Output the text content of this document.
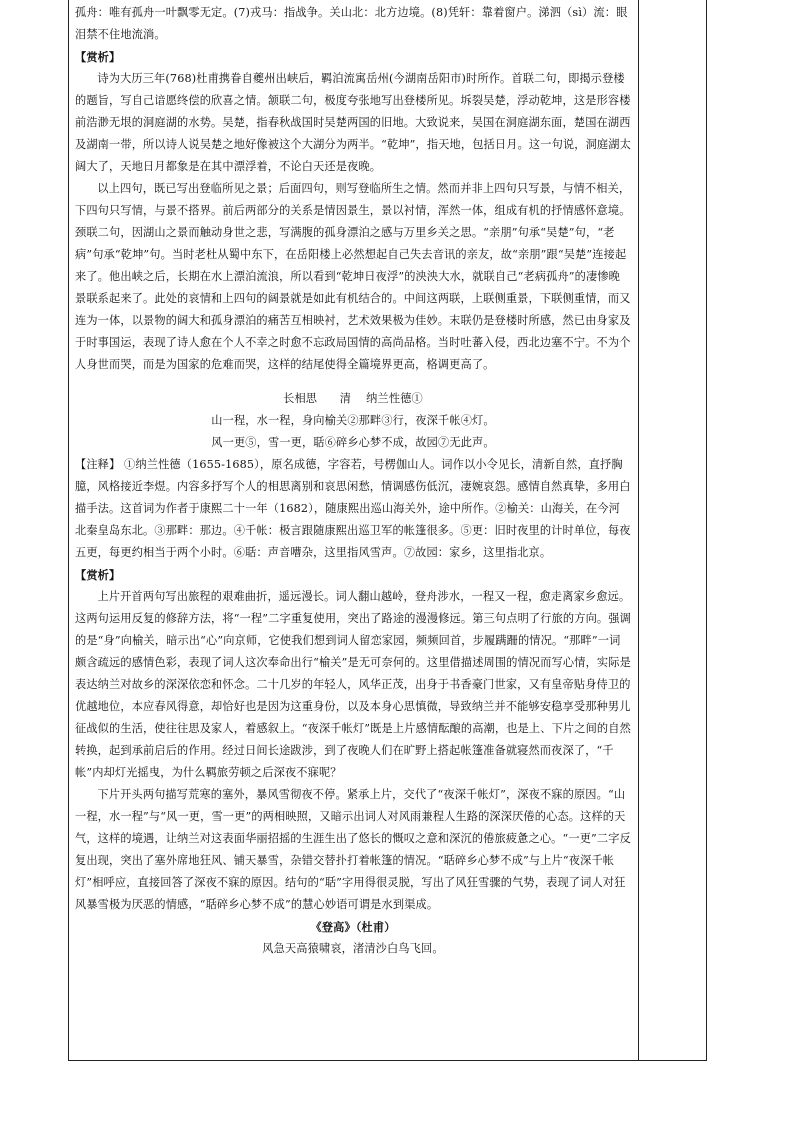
孤舟：唯有孤舟一叶飘零无定。(7)戎马：指战争。关山北：北方边境。(8)凭轩：靠着窗户。涕泗（sì）流：眼泪禁不住地流淌。

【赏析】

诗为大历三年(768)杜甫携眷自夔州出峡后，羁泊流寓岳州(今湖南岳阳市)时所作。首联二句，即揭示登楼的题旨，写自己谙愿终偿的欣喜之情。颔联二句，极度夸张地写出登楼所见。坼裂吴楚，浮动乾坤，这是形容楼前浩渺无垠的洞庭湖的水势。吴楚，指春秋战国时吴楚两国的旧地。大致说来，吴国在洞庭湖东面，楚国在湖西及湖南一带，所以诗人说吴楚之地好像被这个大湖分为两半。“乾坤”，指天地，包括日月。这一句说，洞庭湖太阔大了，天地日月都象是在其中漂浮着，不论白天还是夜晚。

以上四句，既已写出登临所见之景；后面四句，则写登临所生之情。然而并非上四句只写景，与情不相关，下四句只写情，与景不搭界。前后两部分的关系是情因景生，景以衬情，浑然一体，组成有机的抒情感怀意境。颈联二句，因湖山之景而触动身世之悲，写满腹的孤身漂泊之感与万里乡关之思。“亲朋”句承“吴楚”句，“老病”句承“乾坤”句。当时老杜从蜀中东下，在岳阳楼上必然想起自己失去音讯的亲友，故“亲朋”跟“吴楚”连接起来了。他出峡之后，长期在水上漂泊流浪，所以看到“乾坤日夜浮”的泱泱大水，就联自己“老病孤舟”的凄惨晚景联系起来了。此处的哀情和上四句的阔景就是如此有机结合的。中间这两联，上联侧重景，下联侧重情，而又连为一体，以景物的阔大和孤身漂泊的痛苦互相映衬，艺术效果极为佳妙。末联仍是登楼时所感，然已由身家及于时事国运，表现了诗人愈在个人不幸之时愈不忘政局国情的高尚品格。当时吐蕃入侵，西北边塞不宁。不为个人身世而哭，而是为国家的危难而哭，这样的结尾使得全篇境界更高，格调更高了。

长相思　　清　 纳兰性德①

山一程，水一程，身向榆关②那畔③行，夜深千帐④灯。

风一更⑤，雪一更，聒⑥碎乡心梦不成，故园⑦无此声。

【注释】 ①纳兰性德（1655-1685），原名成德，字容若，号楞伽山人。词作以小令见长，清新自然，直抒胸臆，风格接近李煜。内容多抒写个人的相思离别和哀思闲愁，情调感伤低沉，凄婉哀怨。感情自然真挚，多用白描手法。这首词为作者于康熙二十一年（1682），随康熙出巡山海关外，途中所作。②榆关：山海关，在今河北秦皇岛东北。③那畔：那边。④千帐：极言跟随康熙出巡卫军的帐篷很多。⑤更：旧时夜里的计时单位，每夜五更，每更约相当于两个小时。⑥聒：声音嘈杂，这里指风雪声。⑦故园：家乡，这里指北京。

【赏析】

上片开首两句写出旅程的艰难曲折，遥远漫长。词人翻山越岭，登舟涉水，一程又一程，愈走离家乡愈远。这两句运用反复的修辞方法，将“一程”二字重复使用，突出了路途的漫漫修远。第三句点明了行旅的方向。强调的是“身”向榆关，暗示出“心”向京师，它使我们想到词人留恋家园，频频回首，步履蹒跚的情况。“那畔”一词颇含疏远的感情色彩，表现了词人这次奉命出行“榆关”是无可奈何的。这里借描述周围的情况而写心情，实际是表达纳兰对故乡的深深依恋和怀念。二十几岁的年轻人，风华正茂，出身于书香豪门世家，又有皇帝贴身侍卫的优越地位，本应春风得意，却恰好也是因为这重身份，以及本身心思慎微，导致纳兰并不能够安稳享受那种男儿征战似的生活，使往往思及家人，着感叙上。“夜深千帐灯”既是上片感情酝酿的高潮，也是上、下片之间的自然转换，起到承前启后的作用。经过日间长途跋涉，到了夜晚人们在旷野上搭起帐篷准备就寝然而夜深了，“千帐”内却灯光摇曳，为什么羁旅劳顿之后深夜不寐呢？

下片开头两句描写荒寒的塞外，暴风雪彻夜不停。紧承上片，交代了“夜深千帐灯”，深夜不寐的原因。“山一程，水一程”与“风一更，雪一更”的两相映照，又暗示出词人对风雨兼程人生路的深深厌倦的心态。这样的天气，这样的境遇，让纳兰对这表面华丽招摇的生涯生出了悠长的慨叹之意和深沉的倦旅疲惫之心。“一更”二字反复出现，突出了塞外席地狂风、铺天暴雪，杂错交替扑打着帐篷的情况。“聒碎乡心梦不成”与上片“夜深千帐灯”相呼应，直接回答了深夜不寐的原因。结句的“聒”字用得很灵脱，写出了风狂雪骤的气势，表现了词人对狂风暴雪极为厌恶的情感，“聒碎乡心梦不成”的慧心妙语可谓是水到渠成。

《登高》（杜甫）

风急天高猿啸哀，渚清沙白鸟飞回。
